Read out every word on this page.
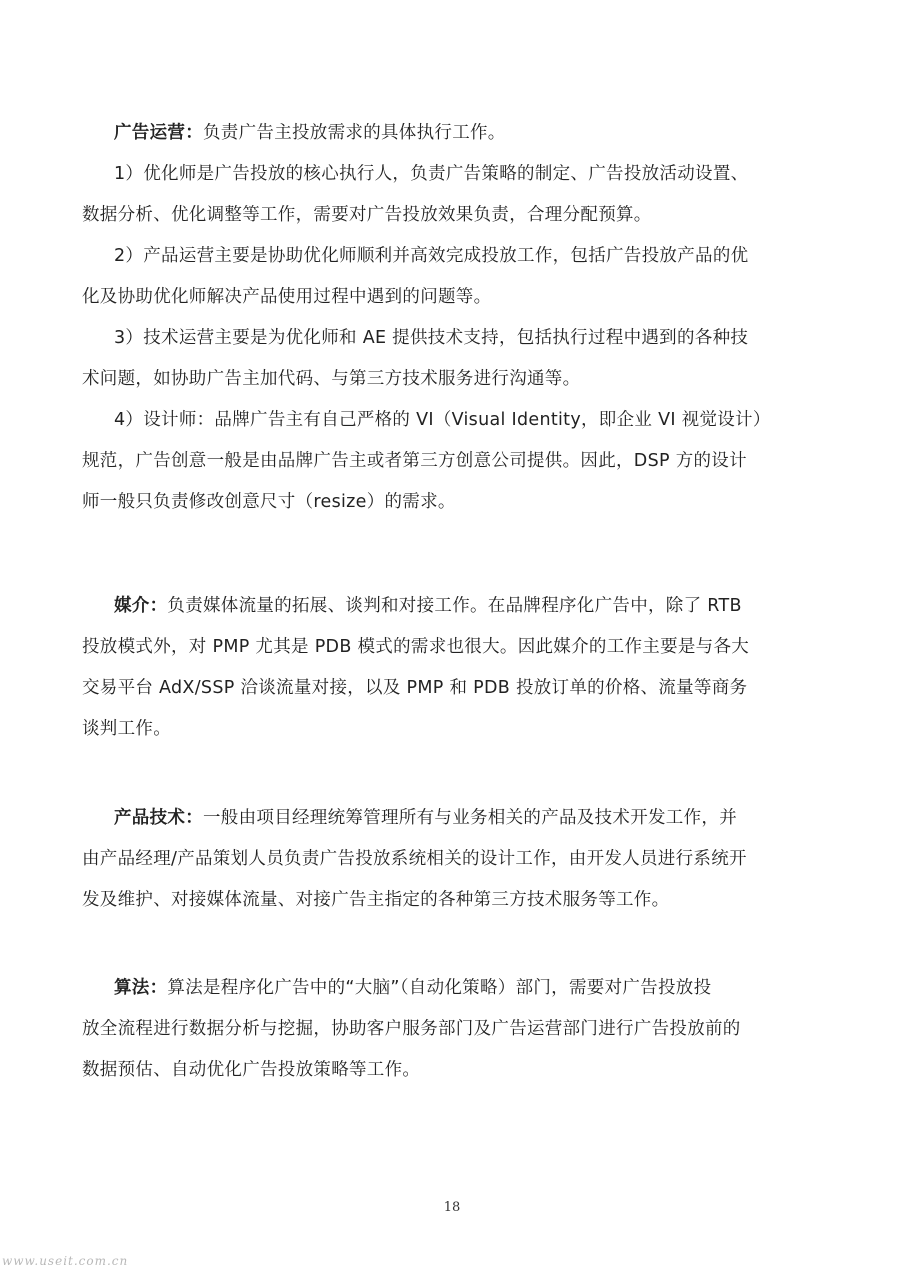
广告运营：负责广告主投放需求的具体执行工作。
1）优化师是广告投放的核心执行人，负责广告策略的制定、广告投放活动设置、
数据分析、优化调整等工作，需要对广告投放效果负责，合理分配预算。
2）产品运营主要是协助优化师顺利并高效完成投放工作，包括广告投放产品的优
化及协助优化师解决产品使用过程中遇到的问题等。
3）技术运营主要是为优化师和 AE 提供技术支持，包括执行过程中遇到的各种技
术问题，如协助广告主加代码、与第三方技术服务进行沟通等。
4）设计师：品牌广告主有自己严格的 VI（Visual Identity，即企业 VI 视觉设计）
规范，广告创意一般是由品牌广告主或者第三方创意公司提供。因此，DSP 方的设计
师一般只负责修改创意尺寸（resize）的需求。
媒介：负责媒体流量的拓展、谈判和对接工作。在品牌程序化广告中，除了 RTB
投放模式外，对 PMP 尤其是 PDB 模式的需求也很大。因此媒介的工作主要是与各大
交易平台 AdX/SSP 洽谈流量对接，以及 PMP 和 PDB 投放订单的价格、流量等商务
谈判工作。
产品技术：一般由项目经理统筹管理所有与业务相关的产品及技术开发工作，并
由产品经理/产品策划人员负责广告投放系统相关的设计工作，由开发人员进行系统开
发及维护、对接媒体流量、对接广告主指定的各种第三方技术服务等工作。
算法：算法是程序化广告中的“大脑”（自动化策略）部门，需要对广告投放投
放全流程进行数据分析与挖掘，协助客户服务部门及广告运营部门进行广告投放前的
数据预估、自动优化广告投放策略等工作。
18
www.useit.com.cn
